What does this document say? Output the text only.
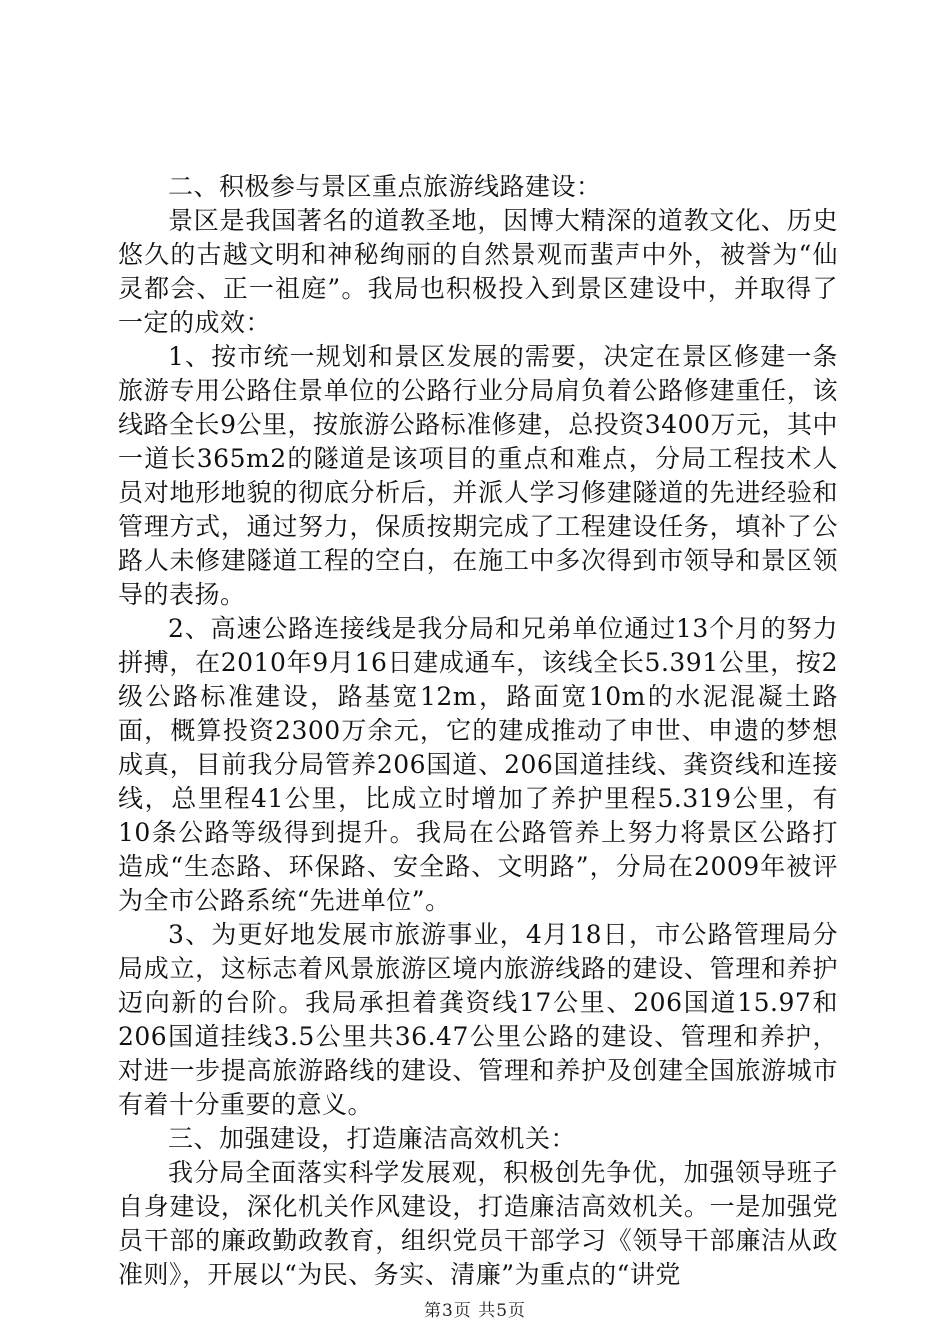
二、积极参与景区重点旅游线路建设：

景区是我国著名的道教圣地，因博大精深的道教文化、历史悠久的古越文明和神秘绚丽的自然景观而蜚声中外，被誉为“仙灵都会、正一祖庭”。我局也积极投入到景区建设中，并取得了一定的成效：

1、按市统一规划和景区发展的需要，决定在景区修建一条旅游专用公路住景单位的公路行业分局肩负着公路修建重任，该线路全长9公里，按旅游公路标准修建，总投资3400万元，其中一道长365m2的隧道是该项目的重点和难点，分局工程技术人员对地形地貌的彻底分析后，并派人学习修建隧道的先进经验和管理方式，通过努力，保质按期完成了工程建设任务，填补了公路人未修建隧道工程的空白，在施工中多次得到市领导和景区领导的表扬。

2、高速公路连接线是我分局和兄弟单位通过13个月的努力拼搏，在2010年9月16日建成通车，该线全长5.391公里，按2级公路标准建设，路基宽12m，路面宽10m的水泥混凝土路面，概算投资2300万余元，它的建成推动了申世、申遗的梦想成真，目前我分局管养206国道、206国道挂线、龚资线和连接线，总里程41公里，比成立时增加了养护里程5.319公里，有10条公路等级得到提升。我局在公路管养上努力将景区公路打造成“生态路、环保路、安全路、文明路”，分局在2009年被评为全市公路系统“先进单位”。

3、为更好地发展市旅游事业，4月18日，市公路管理局分局成立，这标志着风景旅游区境内旅游线路的建设、管理和养护迈向新的台阶。我局承担着龚资线17公里、206国道15.97和206国道挂线3.5公里共36.47公里公路的建设、管理和养护，对进一步提高旅游路线的建设、管理和养护及创建全国旅游城市有着十分重要的意义。

三、加强建设，打造廉洁高效机关：

我分局全面落实科学发展观，积极创先争优，加强领导班子自身建设，深化机关作风建设，打造廉洁高效机关。一是加强党员干部的廉政勤政教育，组织党员干部学习《领导干部廉洁从政准则》，开展以“为民、务实、清廉”为重点的“讲党

第3页 共5页
